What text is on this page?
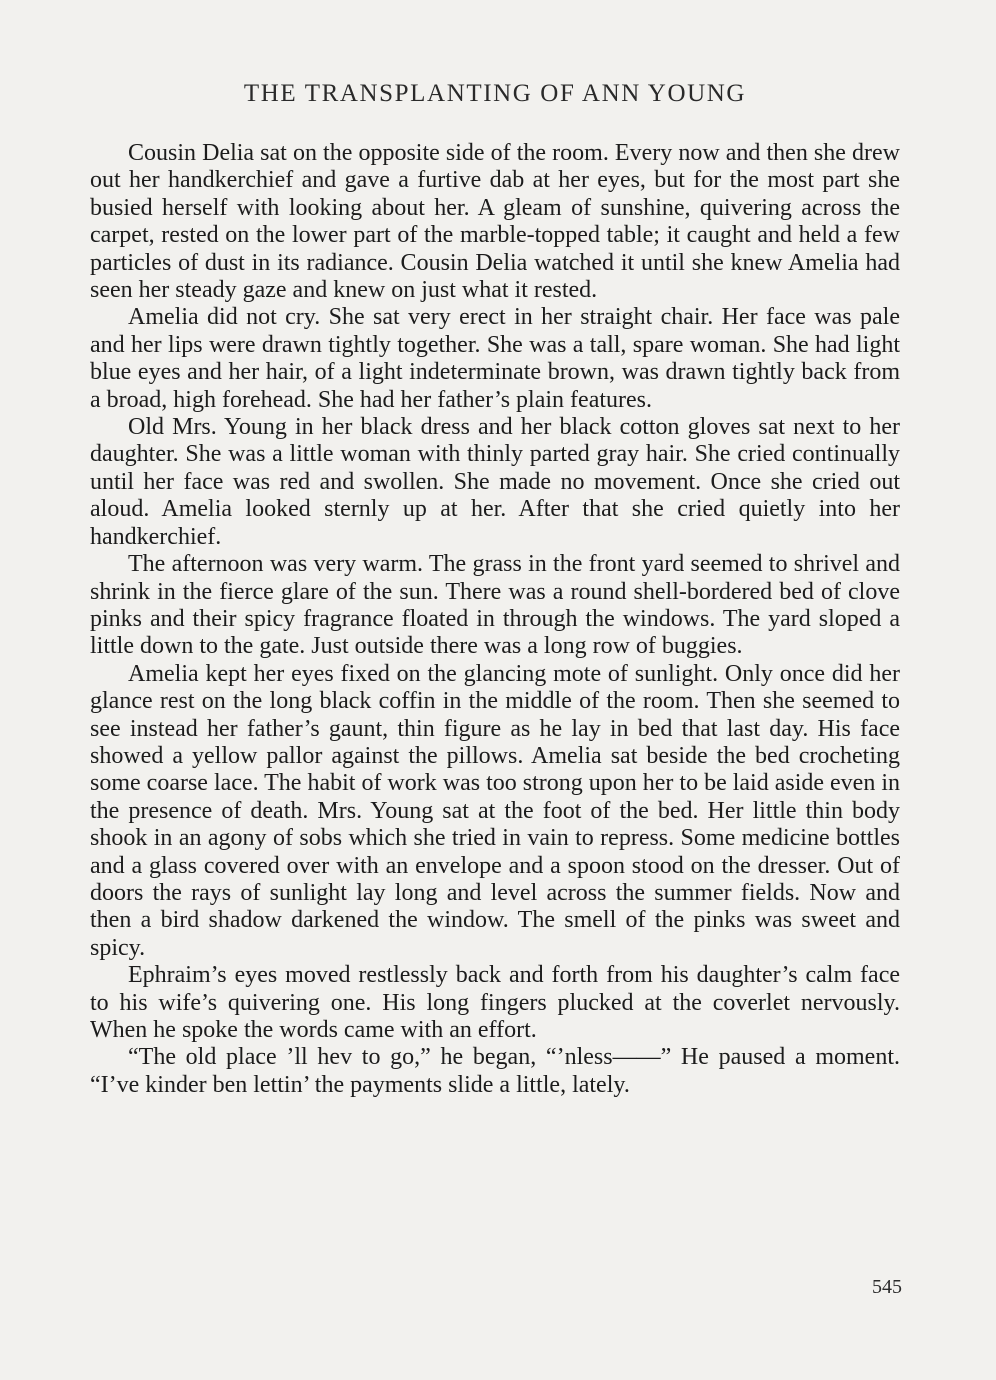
THE TRANSPLANTING OF ANN YOUNG

Cousin Delia sat on the opposite side of the room. Every now and then she drew out her handkerchief and gave a furtive dab at her eyes, but for the most part she busied herself with looking about her. A gleam of sunshine, quivering across the carpet, rested on the lower part of the marble-topped table; it caught and held a few particles of dust in its radiance. Cousin Delia watched it until she knew Amelia had seen her steady gaze and knew on just what it rested.

Amelia did not cry. She sat very erect in her straight chair. Her face was pale and her lips were drawn tightly together. She was a tall, spare woman. She had light blue eyes and her hair, of a light indeterminate brown, was drawn tightly back from a broad, high forehead. She had her father’s plain features.

Old Mrs. Young in her black dress and her black cotton gloves sat next to her daughter. She was a little woman with thinly parted gray hair. She cried continually until her face was red and swollen. She made no movement. Once she cried out aloud. Amelia looked sternly up at her. After that she cried quietly into her handkerchief.

The afternoon was very warm. The grass in the front yard seemed to shrivel and shrink in the fierce glare of the sun. There was a round shell-bordered bed of clove pinks and their spicy fragrance floated in through the windows. The yard sloped a little down to the gate. Just outside there was a long row of buggies.

Amelia kept her eyes fixed on the glancing mote of sunlight. Only once did her glance rest on the long black coffin in the middle of the room. Then she seemed to see instead her father’s gaunt, thin figure as he lay in bed that last day. His face showed a yellow pallor against the pillows. Amelia sat beside the bed crocheting some coarse lace. The habit of work was too strong upon her to be laid aside even in the presence of death. Mrs. Young sat at the foot of the bed. Her little thin body shook in an agony of sobs which she tried in vain to repress. Some medicine bottles and a glass covered over with an envelope and a spoon stood on the dresser. Out of doors the rays of sunlight lay long and level across the summer fields. Now and then a bird shadow darkened the window. The smell of the pinks was sweet and spicy.

Ephraim’s eyes moved restlessly back and forth from his daughter’s calm face to his wife’s quivering one. His long fingers plucked at the coverlet nervously. When he spoke the words came with an effort.

“The old place ’ll hev to go,” he began, “’nless——” He paused a moment. “I’ve kinder ben lettin’ the payments slide a little, lately.

545
